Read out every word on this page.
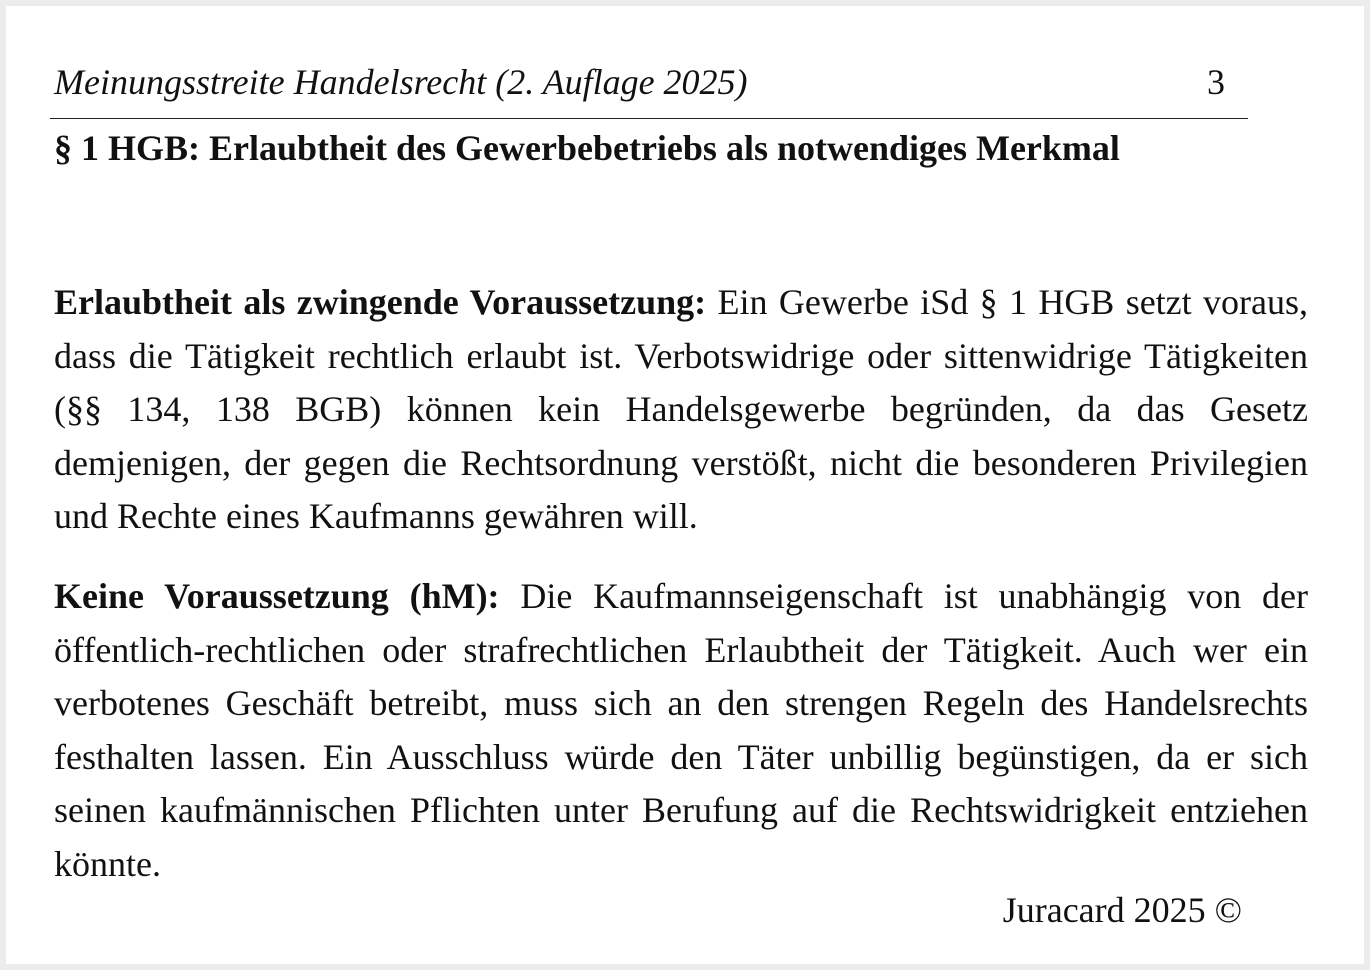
Meinungsstreite Handelsrecht (2. Auflage 2025)	3
§ 1 HGB: Erlaubtheit des Gewerbebetriebs als notwendiges Merkmal

Erlaubtheit als zwingende Voraussetzung: Ein Gewerbe iSd § 1 HGB setzt voraus, dass die Tätigkeit rechtlich erlaubt ist. Verbotswidrige oder sittenwidrige Tätigkeiten (§§ 134, 138 BGB) können kein Handelsgewerbe begründen, da das Gesetz demjenigen, der gegen die Rechtsordnung verstößt, nicht die besonderen Privilegien und Rechte eines Kaufmanns gewähren will.

Keine Voraussetzung (hM): Die Kaufmannseigenschaft ist unabhängig von der öffentlich-rechtlichen oder strafrechtlichen Erlaubtheit der Tätigkeit. Auch wer ein verbotenes Geschäft betreibt, muss sich an den strengen Regeln des Handelsrechts festhalten lassen. Ein Ausschluss würde den Täter unbillig begünstigen, da er sich seinen kaufmännischen Pflichten unter Berufung auf die Rechtswidrigkeit entziehen könnte.

Juracard 2025 ©
